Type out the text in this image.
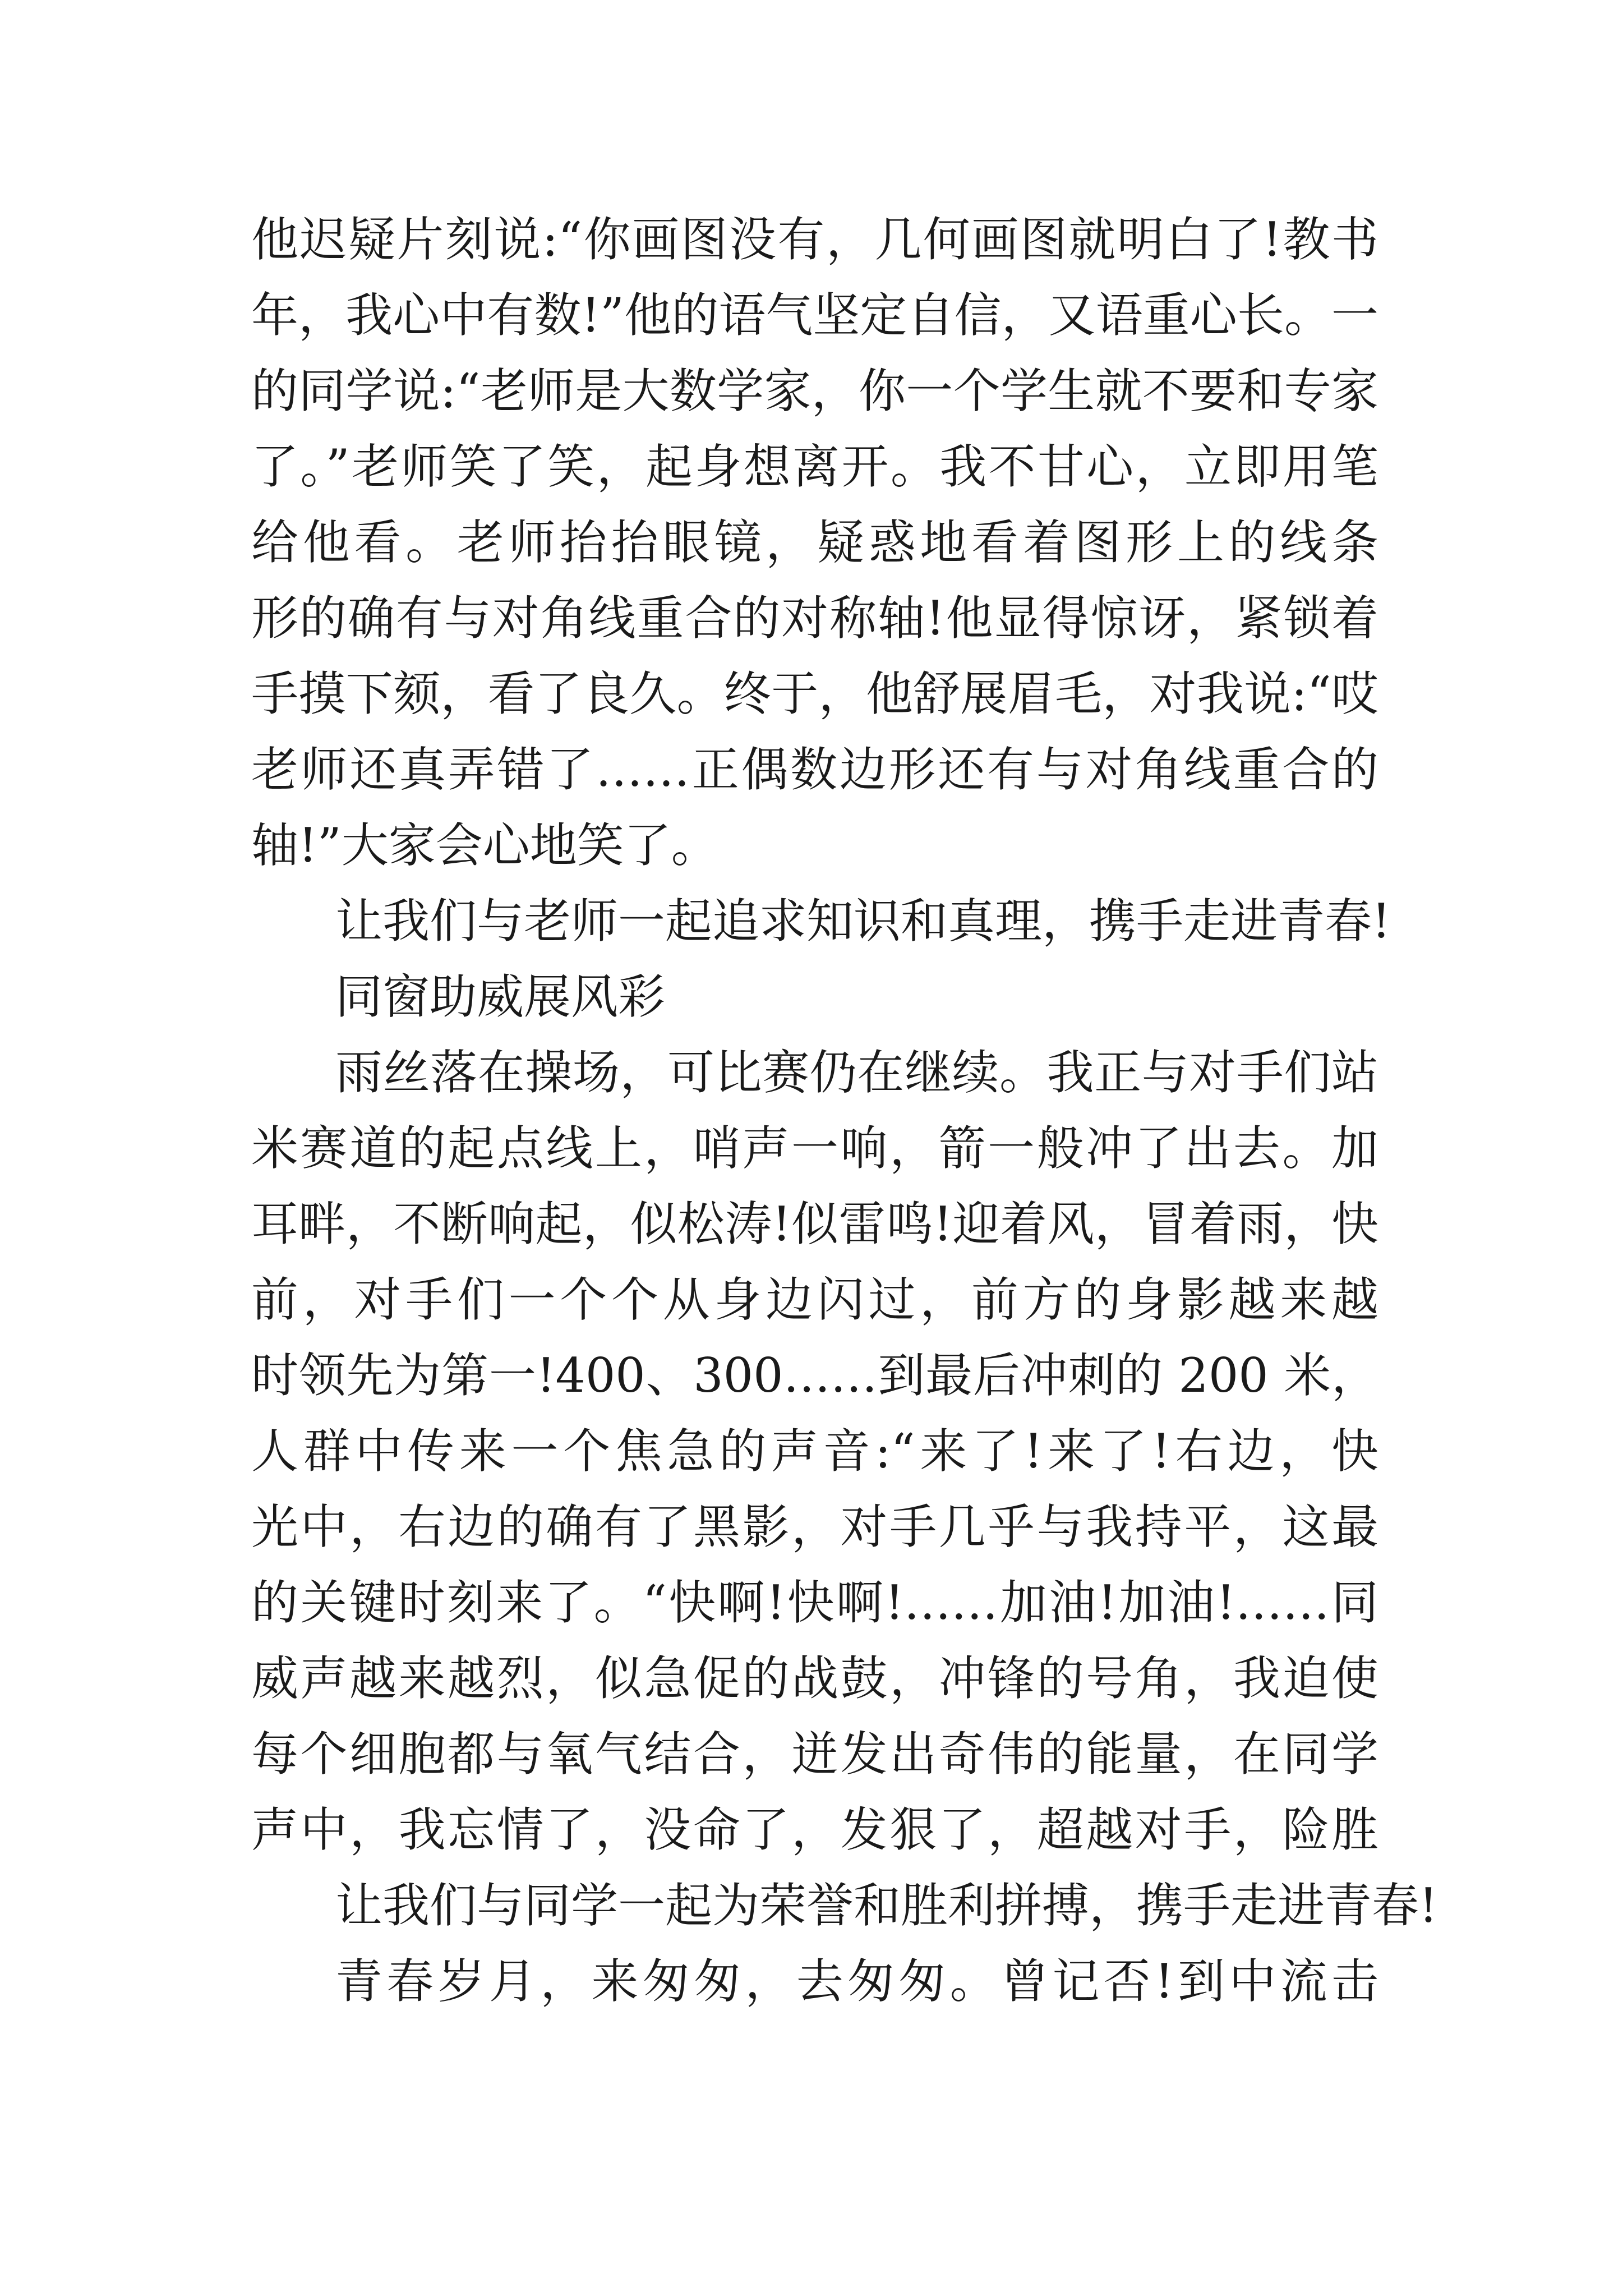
他迟疑片刻说:“你画图没有，几何画图就明白了!教书
年，我心中有数!”他的语气坚定自信，又语重心长。一
的同学说:“老师是大数学家，你一个学生就不要和专家
了。”老师笑了笑，起身想离开。我不甘心，立即用笔
给他看。老师抬抬眼镜，疑惑地看着图形上的线条
形的确有与对角线重合的对称轴!他显得惊讶，紧锁着
手摸下颏，看了良久。终于，他舒展眉毛，对我说:“哎
老师还真弄错了……正偶数边形还有与对角线重合的
轴!”大家会心地笑了。
让我们与老师一起追求知识和真理，携手走进青春!
同窗助威展风彩
雨丝落在操场，可比赛仍在继续。我正与对手们站
米赛道的起点线上，哨声一响，箭一般冲了出去。加
耳畔，不断响起，似松涛!似雷鸣!迎着风，冒着雨，快
前，对手们一个个从身边闪过，前方的身影越来越
时领先为第一!400、300……到最后冲刺的 200 米，
人群中传来一个焦急的声音:“来了!来了!右边，快
光中，右边的确有了黑影，对手几乎与我持平，这最
的关键时刻来了。“快啊!快啊!……加油!加油!……同
威声越来越烈，似急促的战鼓，冲锋的号角，我迫使
每个细胞都与氧气结合，迸发出奇伟的能量，在同学
声中，我忘情了，没命了，发狠了，超越对手，险胜
让我们与同学一起为荣誉和胜利拼搏，携手走进青春!
青春岁月，来匆匆，去匆匆。曾记否!到中流击
